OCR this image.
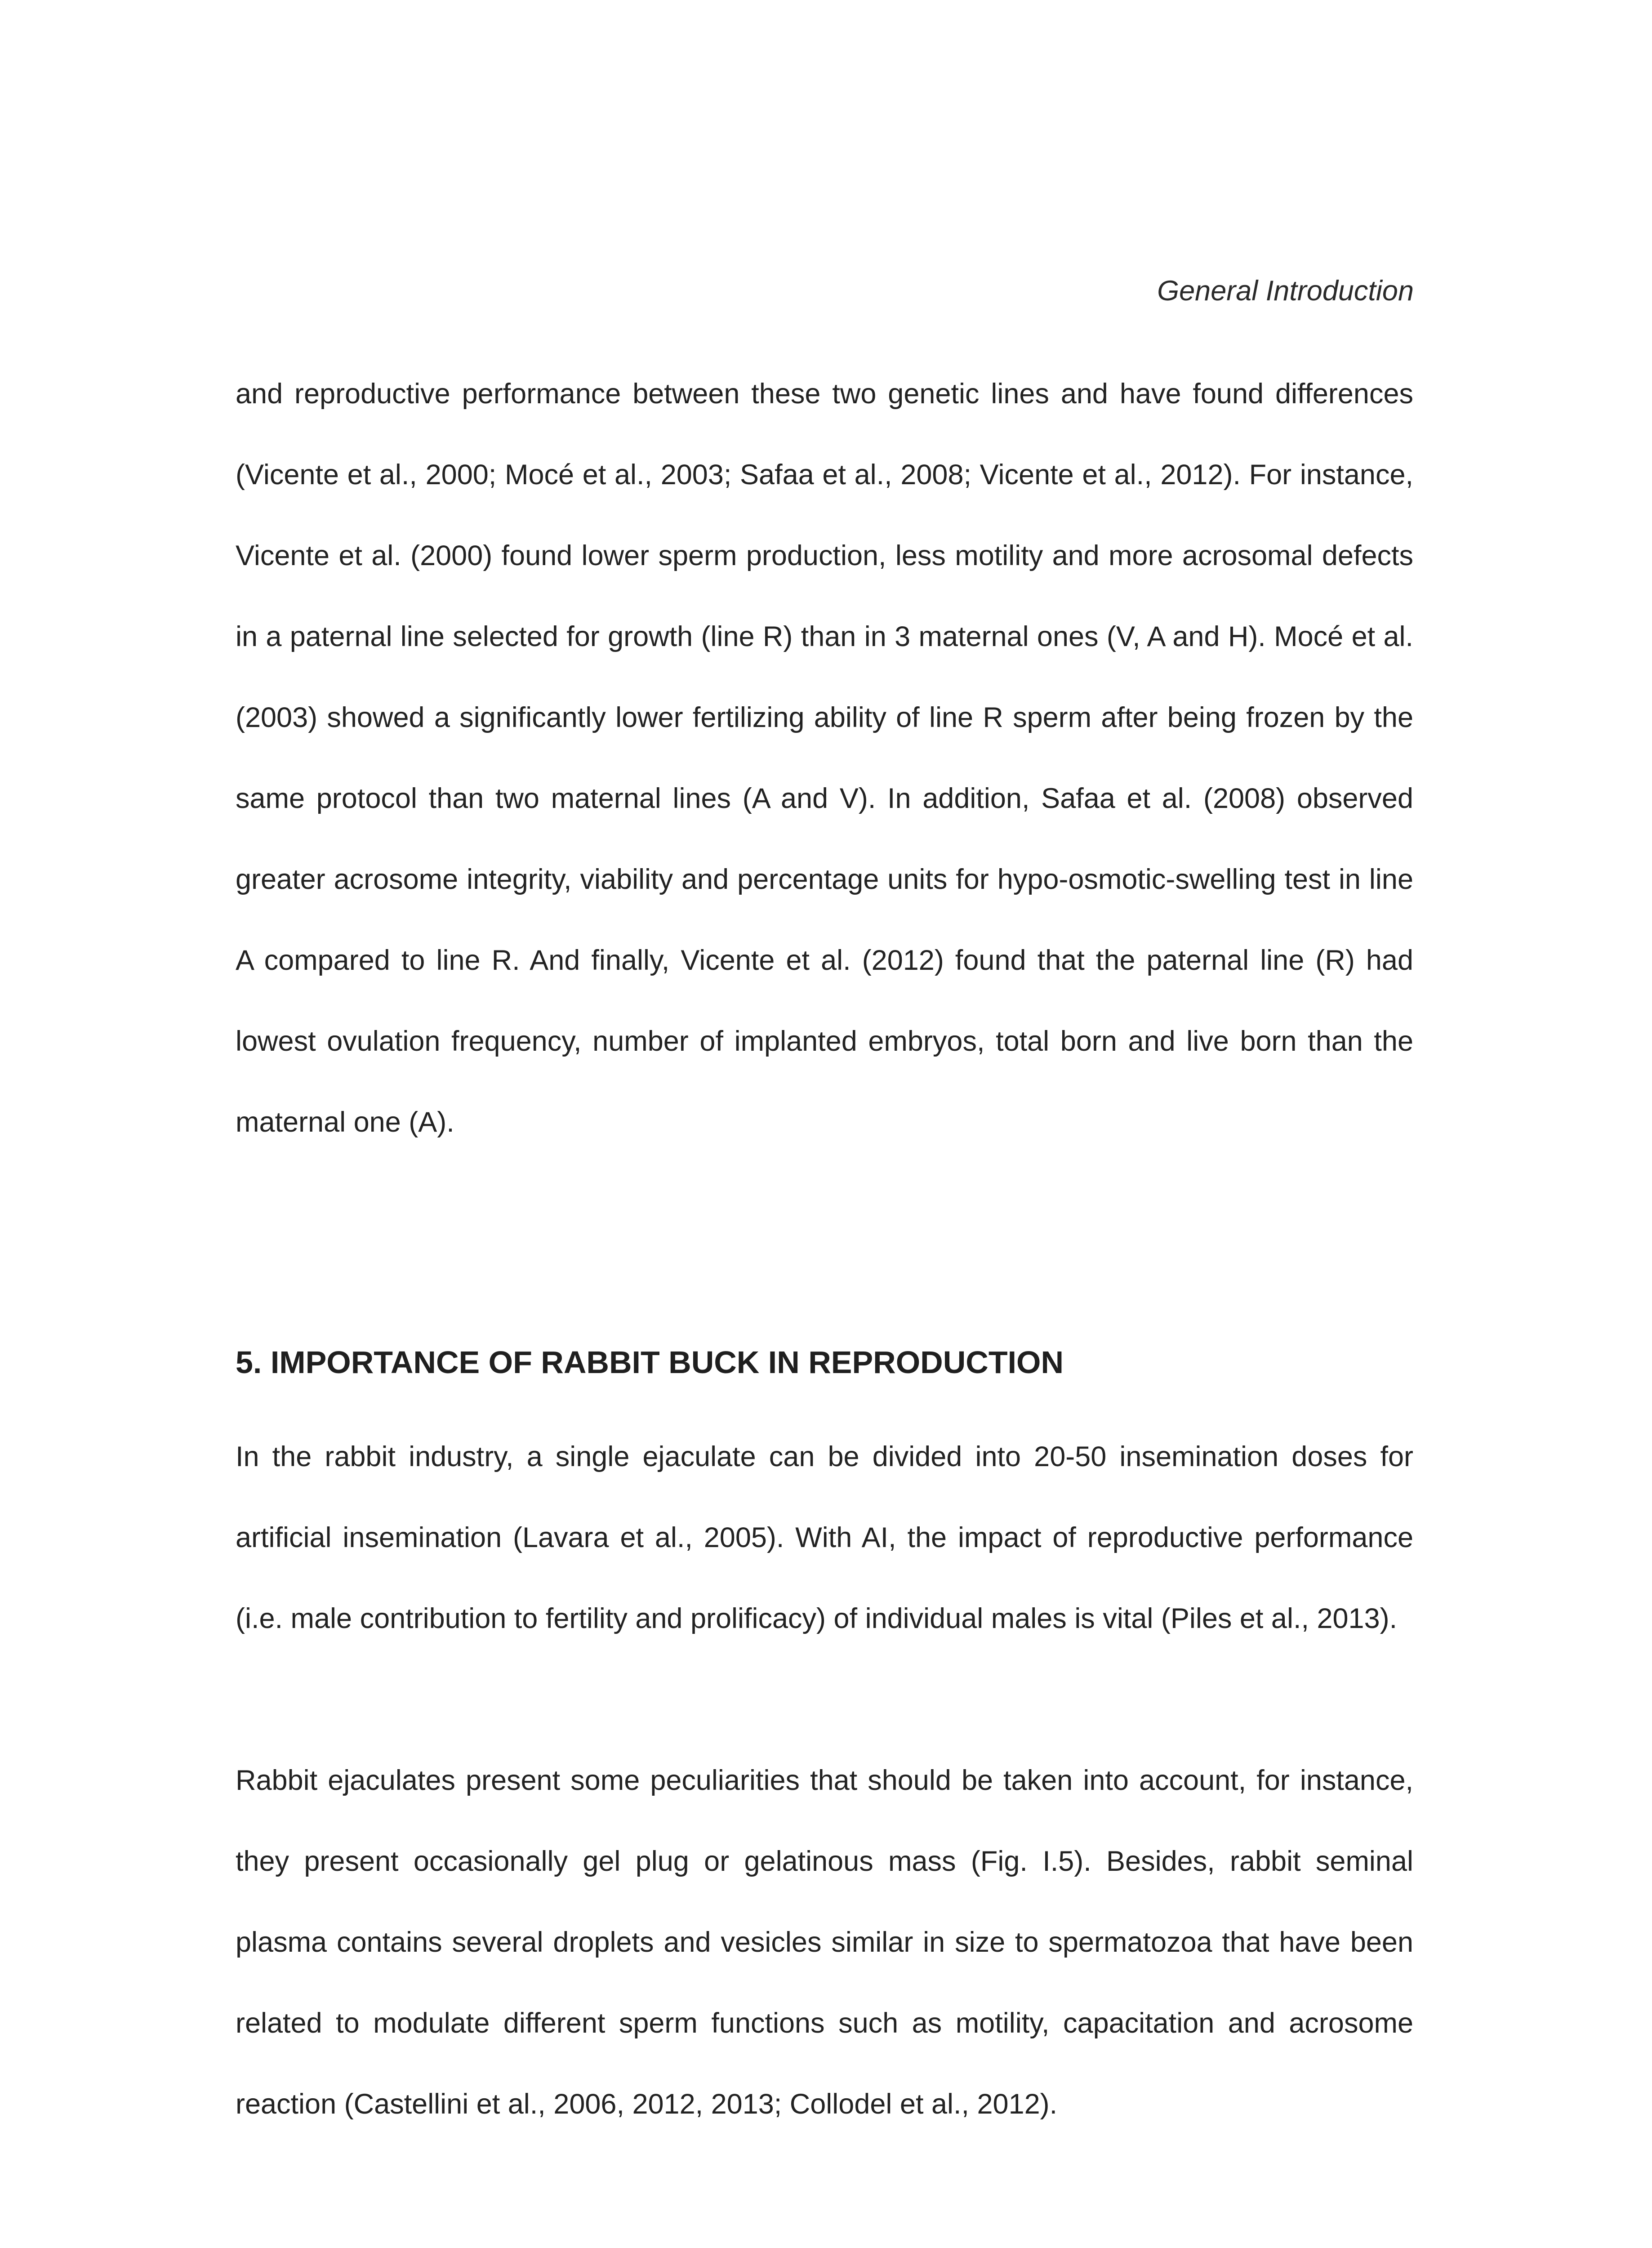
General Introduction

and reproductive performance between these two genetic lines and have found differences (Vicente et al., 2000; Mocé et al., 2003; Safaa et al., 2008; Vicente et al., 2012). For instance, Vicente et al. (2000) found lower sperm production, less motility and more acrosomal defects in a paternal line selected for growth (line R) than in 3 maternal ones (V, A and H). Mocé et al. (2003) showed a significantly lower fertilizing ability of line R sperm after being frozen by the same protocol than two maternal lines (A and V). In addition, Safaa et al. (2008) observed greater acrosome integrity, viability and percentage units for hypo-osmotic-swelling test in line A compared to line R. And finally, Vicente et al. (2012) found that the paternal line (R) had lowest ovulation frequency, number of implanted embryos, total born and live born than the maternal one (A).

5. IMPORTANCE OF RABBIT BUCK IN REPRODUCTION

In the rabbit industry, a single ejaculate can be divided into 20-50 insemination doses for artificial insemination (Lavara et al., 2005). With AI, the impact of reproductive performance (i.e. male contribution to fertility and prolificacy) of individual males is vital (Piles et al., 2013).

Rabbit ejaculates present some peculiarities that should be taken into account, for instance, they present occasionally gel plug or gelatinous mass (Fig. I.5). Besides, rabbit seminal plasma contains several droplets and vesicles similar in size to spermatozoa that have been related to modulate different sperm functions such as motility, capacitation and acrosome reaction (Castellini et al., 2006, 2012, 2013; Collodel et al., 2012).
